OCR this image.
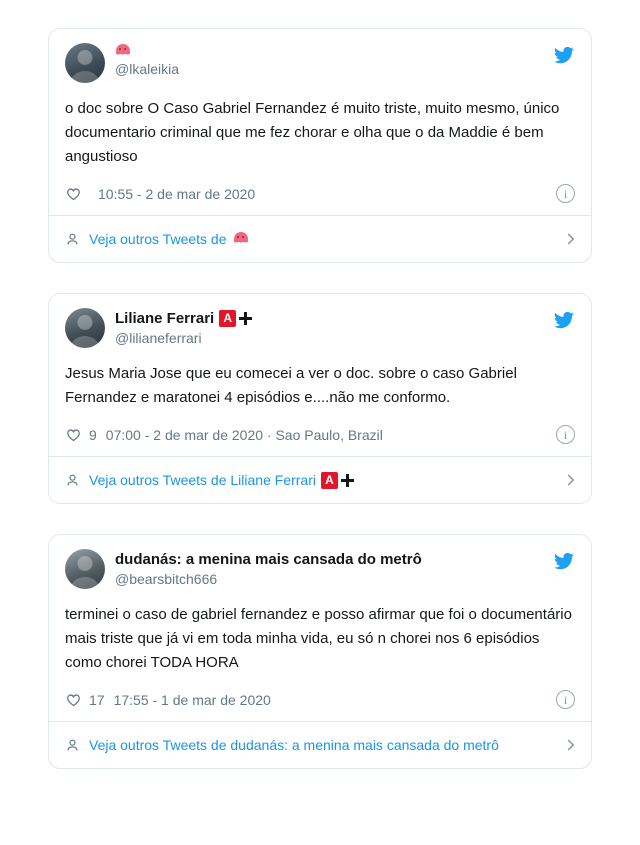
@lkaleikia
o doc sobre O Caso Gabriel Fernandez é muito triste, muito mesmo, único documentario criminal que me fez chorar e olha que o da Maddie é bem angustioso
10:55 - 2 de mar de 2020	i
Veja outros Tweets de
Liliane Ferrari A
@lilianeferrari
Jesus Maria Jose que eu comecei a ver o doc. sobre o caso Gabriel Fernandez e maratonei 4 episódios e....não me conformo.
9 07:00 - 2 de mar de 2020 · Sao Paulo, Brazil	i
Veja outros Tweets de Liliane Ferrari A
dudanás: a menina mais cansada do metrô
@bearsbitch666
terminei o caso de gabriel fernandez e posso afirmar que foi o documentário mais triste que já vi em toda minha vida, eu só n chorei nos 6 episódios como chorei TODA HORA
17 17:55 - 1 de mar de 2020	i
Veja outros Tweets de dudanás: a menina mais cansada do metrô
